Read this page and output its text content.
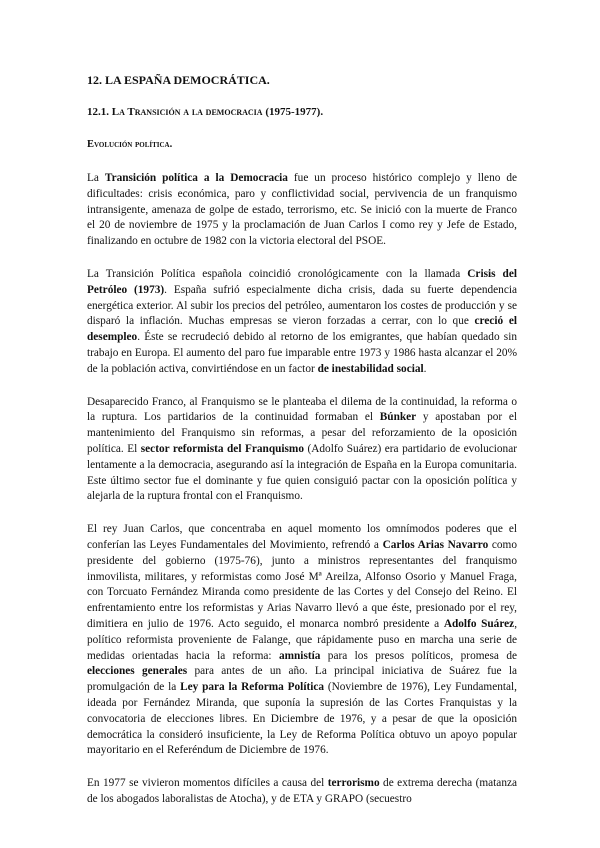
12. LA ESPAÑA DEMOCRÁTICA.
12.1. La Transición a la democracia (1975-1977).
Evolución política.

La Transición política a la Democracia fue un proceso histórico complejo y lleno de dificultades: crisis económica, paro y conflictividad social, pervivencia de un franquismo intransigente, amenaza de golpe de estado, terrorismo, etc. Se inició con la muerte de Franco el 20 de noviembre de 1975 y la proclamación de Juan Carlos I como rey y Jefe de Estado, finalizando en octubre de 1982 con la victoria electoral del PSOE.

La Transición Política española coincidió cronológicamente con la llamada Crisis del Petróleo (1973). España sufrió especialmente dicha crisis, dada su fuerte dependencia energética exterior. Al subir los precios del petróleo, aumentaron los costes de producción y se disparó la inflación. Muchas empresas se vieron forzadas a cerrar, con lo que creció el desempleo. Éste se recrudeció debido al retorno de los emigrantes, que habían quedado sin trabajo en Europa. El aumento del paro fue imparable entre 1973 y 1986 hasta alcanzar el 20% de la población activa, convirtiéndose en un factor de inestabilidad social.

Desaparecido Franco, al Franquismo se le planteaba el dilema de la continuidad, la reforma o la ruptura. Los partidarios de la continuidad formaban el Búnker y apostaban por el mantenimiento del Franquismo sin reformas, a pesar del reforzamiento de la oposición política. El sector reformista del Franquismo (Adolfo Suárez) era partidario de evolucionar lentamente a la democracia, asegurando así la integración de España en la Europa comunitaria. Este último sector fue el dominante y fue quien consiguió pactar con la oposición política y alejarla de la ruptura frontal con el Franquismo.

El rey Juan Carlos, que concentraba en aquel momento los omnímodos poderes que el conferían las Leyes Fundamentales del Movimiento, refrendó a Carlos Arias Navarro como presidente del gobierno (1975-76), junto a ministros representantes del franquismo inmovilista, militares, y reformistas como José Mª Areilza, Alfonso Osorio y Manuel Fraga, con Torcuato Fernández Miranda como presidente de las Cortes y del Consejo del Reino. El enfrentamiento entre los reformistas y Arias Navarro llevó a que éste, presionado por el rey, dimitiera en julio de 1976. Acto seguido, el monarca nombró presidente a Adolfo Suárez, político reformista proveniente de Falange, que rápidamente puso en marcha una serie de medidas orientadas hacia la reforma: amnistía para los presos políticos, promesa de elecciones generales para antes de un año. La principal iniciativa de Suárez fue la promulgación de la Ley para la Reforma Política (Noviembre de 1976), Ley Fundamental, ideada por Fernández Miranda, que suponía la supresión de las Cortes Franquistas y la convocatoria de elecciones libres. En Diciembre de 1976, y a pesar de que la oposición democrática la consideró insuficiente, la Ley de Reforma Política obtuvo un apoyo popular mayoritario en el Referéndum de Diciembre de 1976.

En 1977 se vivieron momentos difíciles a causa del terrorismo de extrema derecha (matanza de los abogados laboralistas de Atocha), y de ETA y GRAPO (secuestro
